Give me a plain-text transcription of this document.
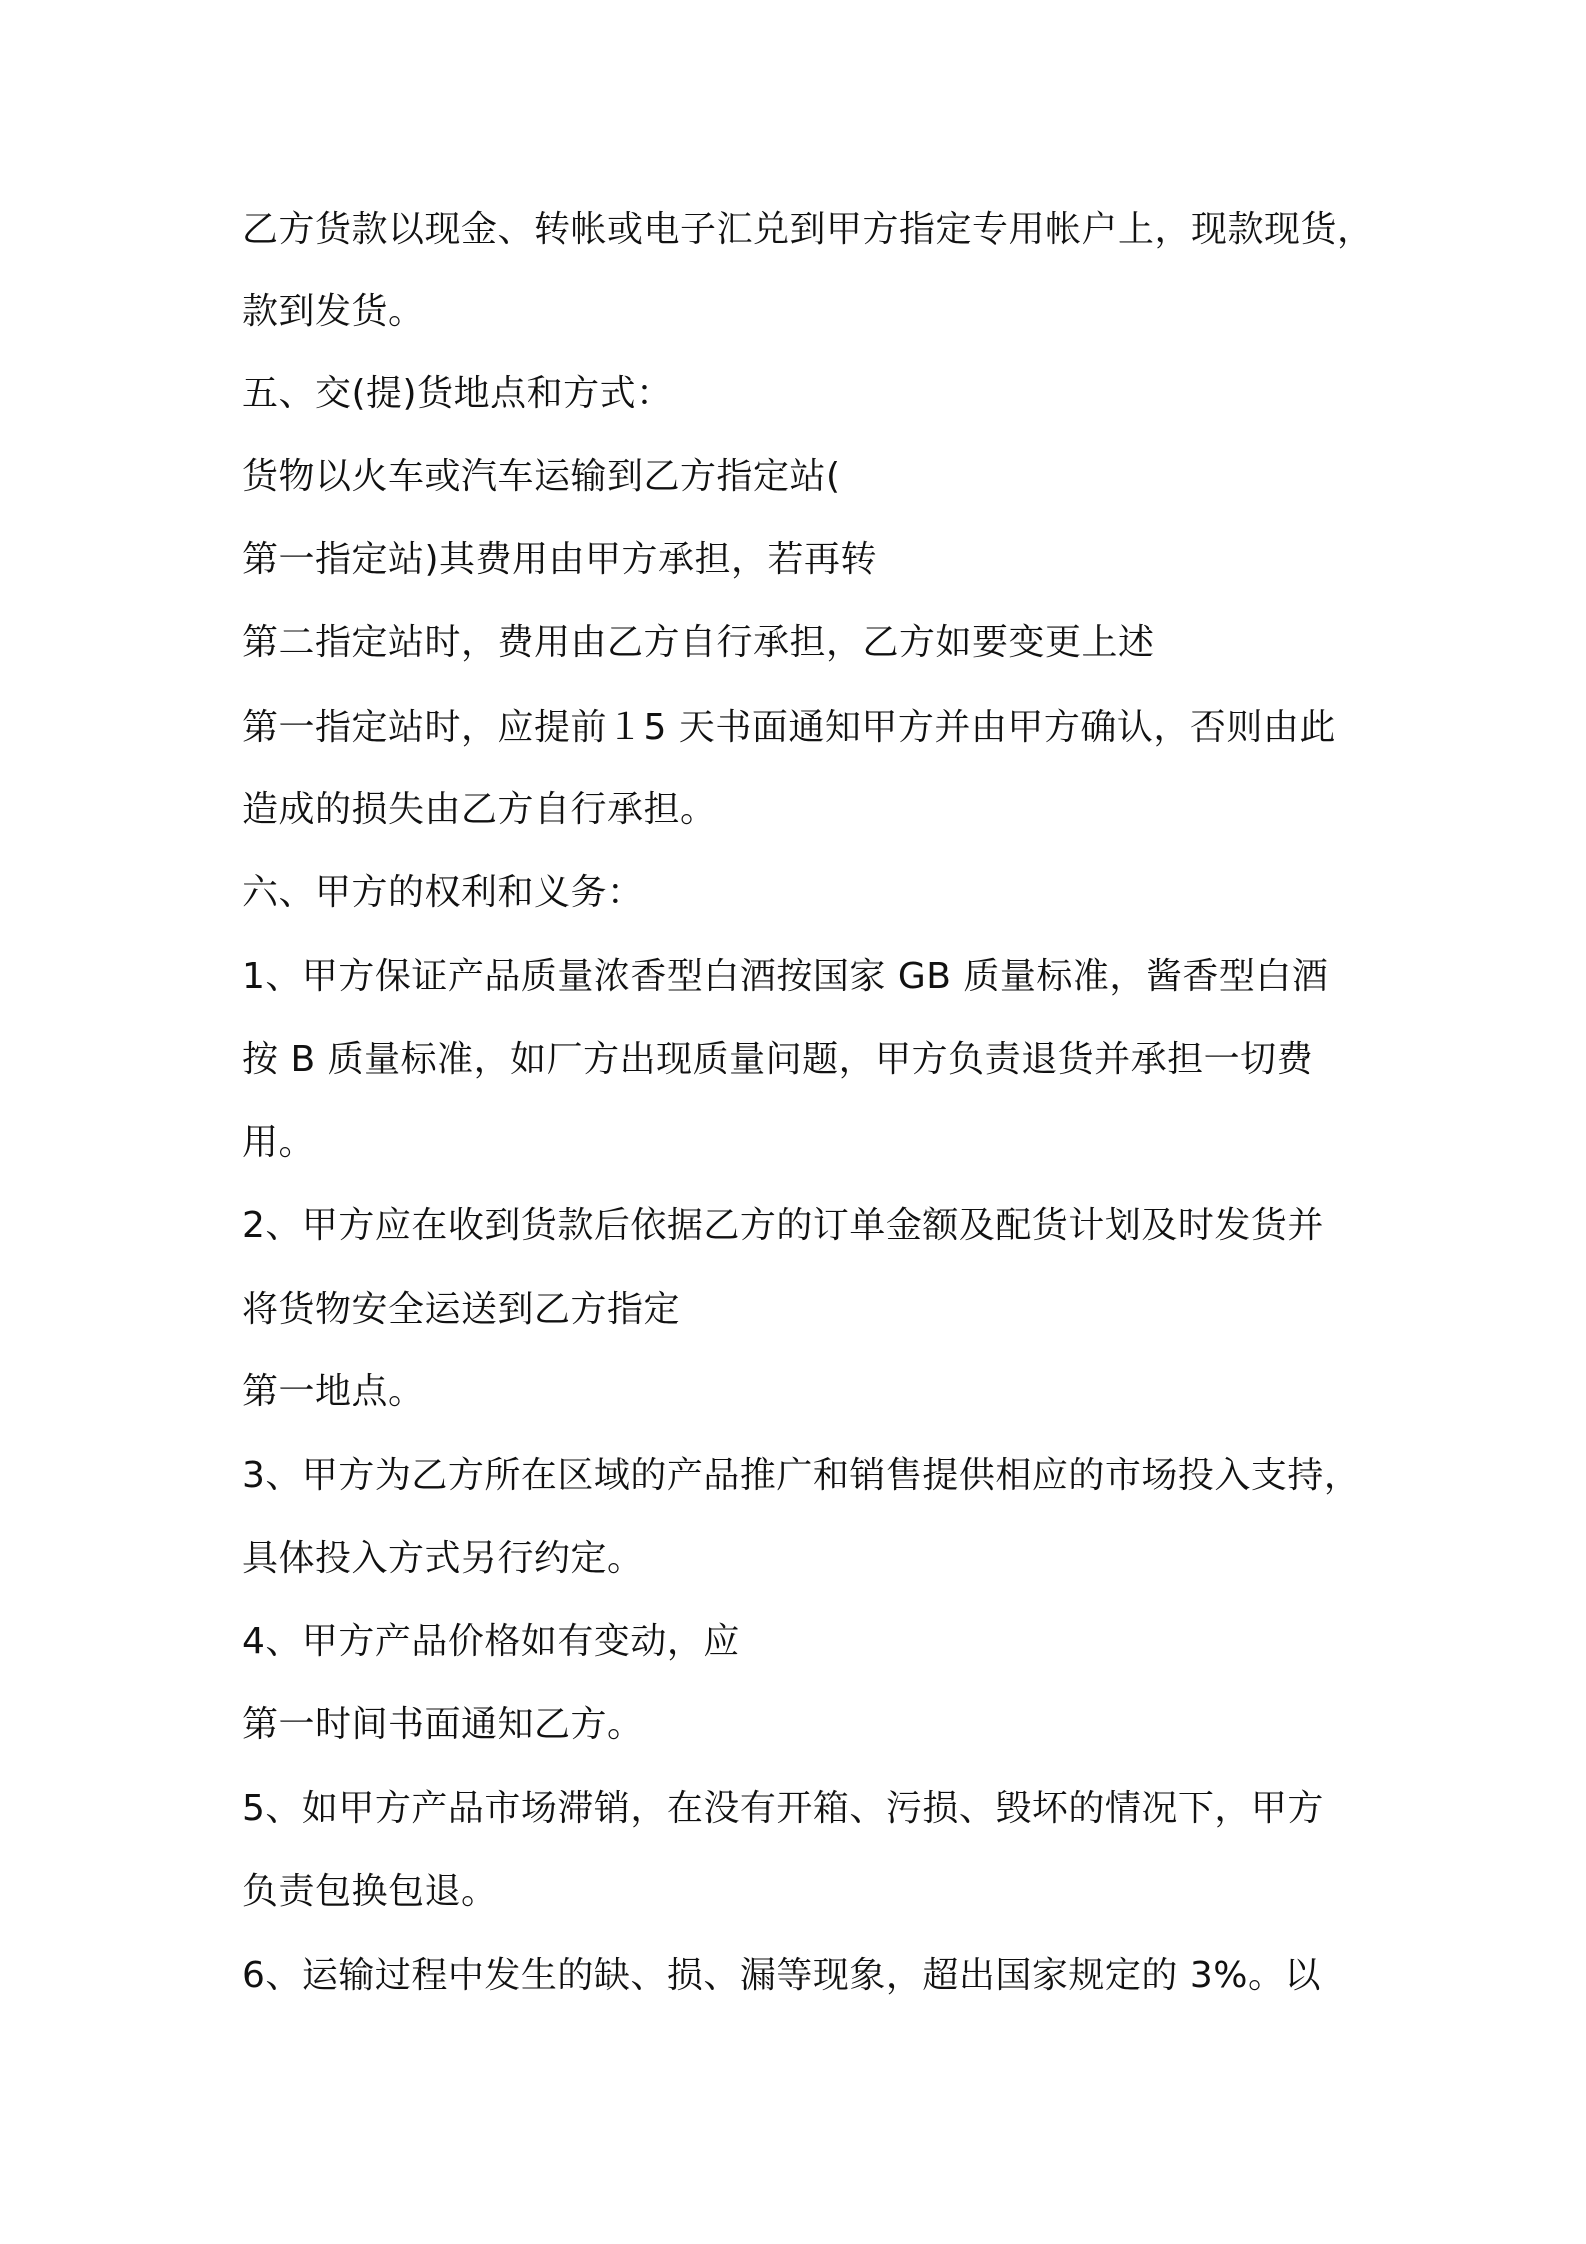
乙方货款以现金、转帐或电子汇兑到甲方指定专用帐户上，现款现货，
款到发货。
五、交(提)货地点和方式：
货物以火车或汽车运输到乙方指定站(
第一指定站)其费用由甲方承担，若再转
第二指定站时，费用由乙方自行承担，乙方如要变更上述
第一指定站时，应提前１5 天书面通知甲方并由甲方确认，否则由此
造成的损失由乙方自行承担。
六、甲方的权利和义务：
1、甲方保证产品质量浓香型白酒按国家 GB 质量标准，酱香型白酒
按 B 质量标准，如厂方出现质量问题，甲方负责退货并承担一切费
用。
2、甲方应在收到货款后依据乙方的订单金额及配货计划及时发货并
将货物安全运送到乙方指定
第一地点。
3、甲方为乙方所在区域的产品推广和销售提供相应的市场投入支持，
具体投入方式另行约定。
4、甲方产品价格如有变动，应
第一时间书面通知乙方。
5、如甲方产品市场滞销，在没有开箱、污损、毁坏的情况下，甲方
负责包换包退。
6、运输过程中发生的缺、损、漏等现象，超出国家规定的 3%。以
